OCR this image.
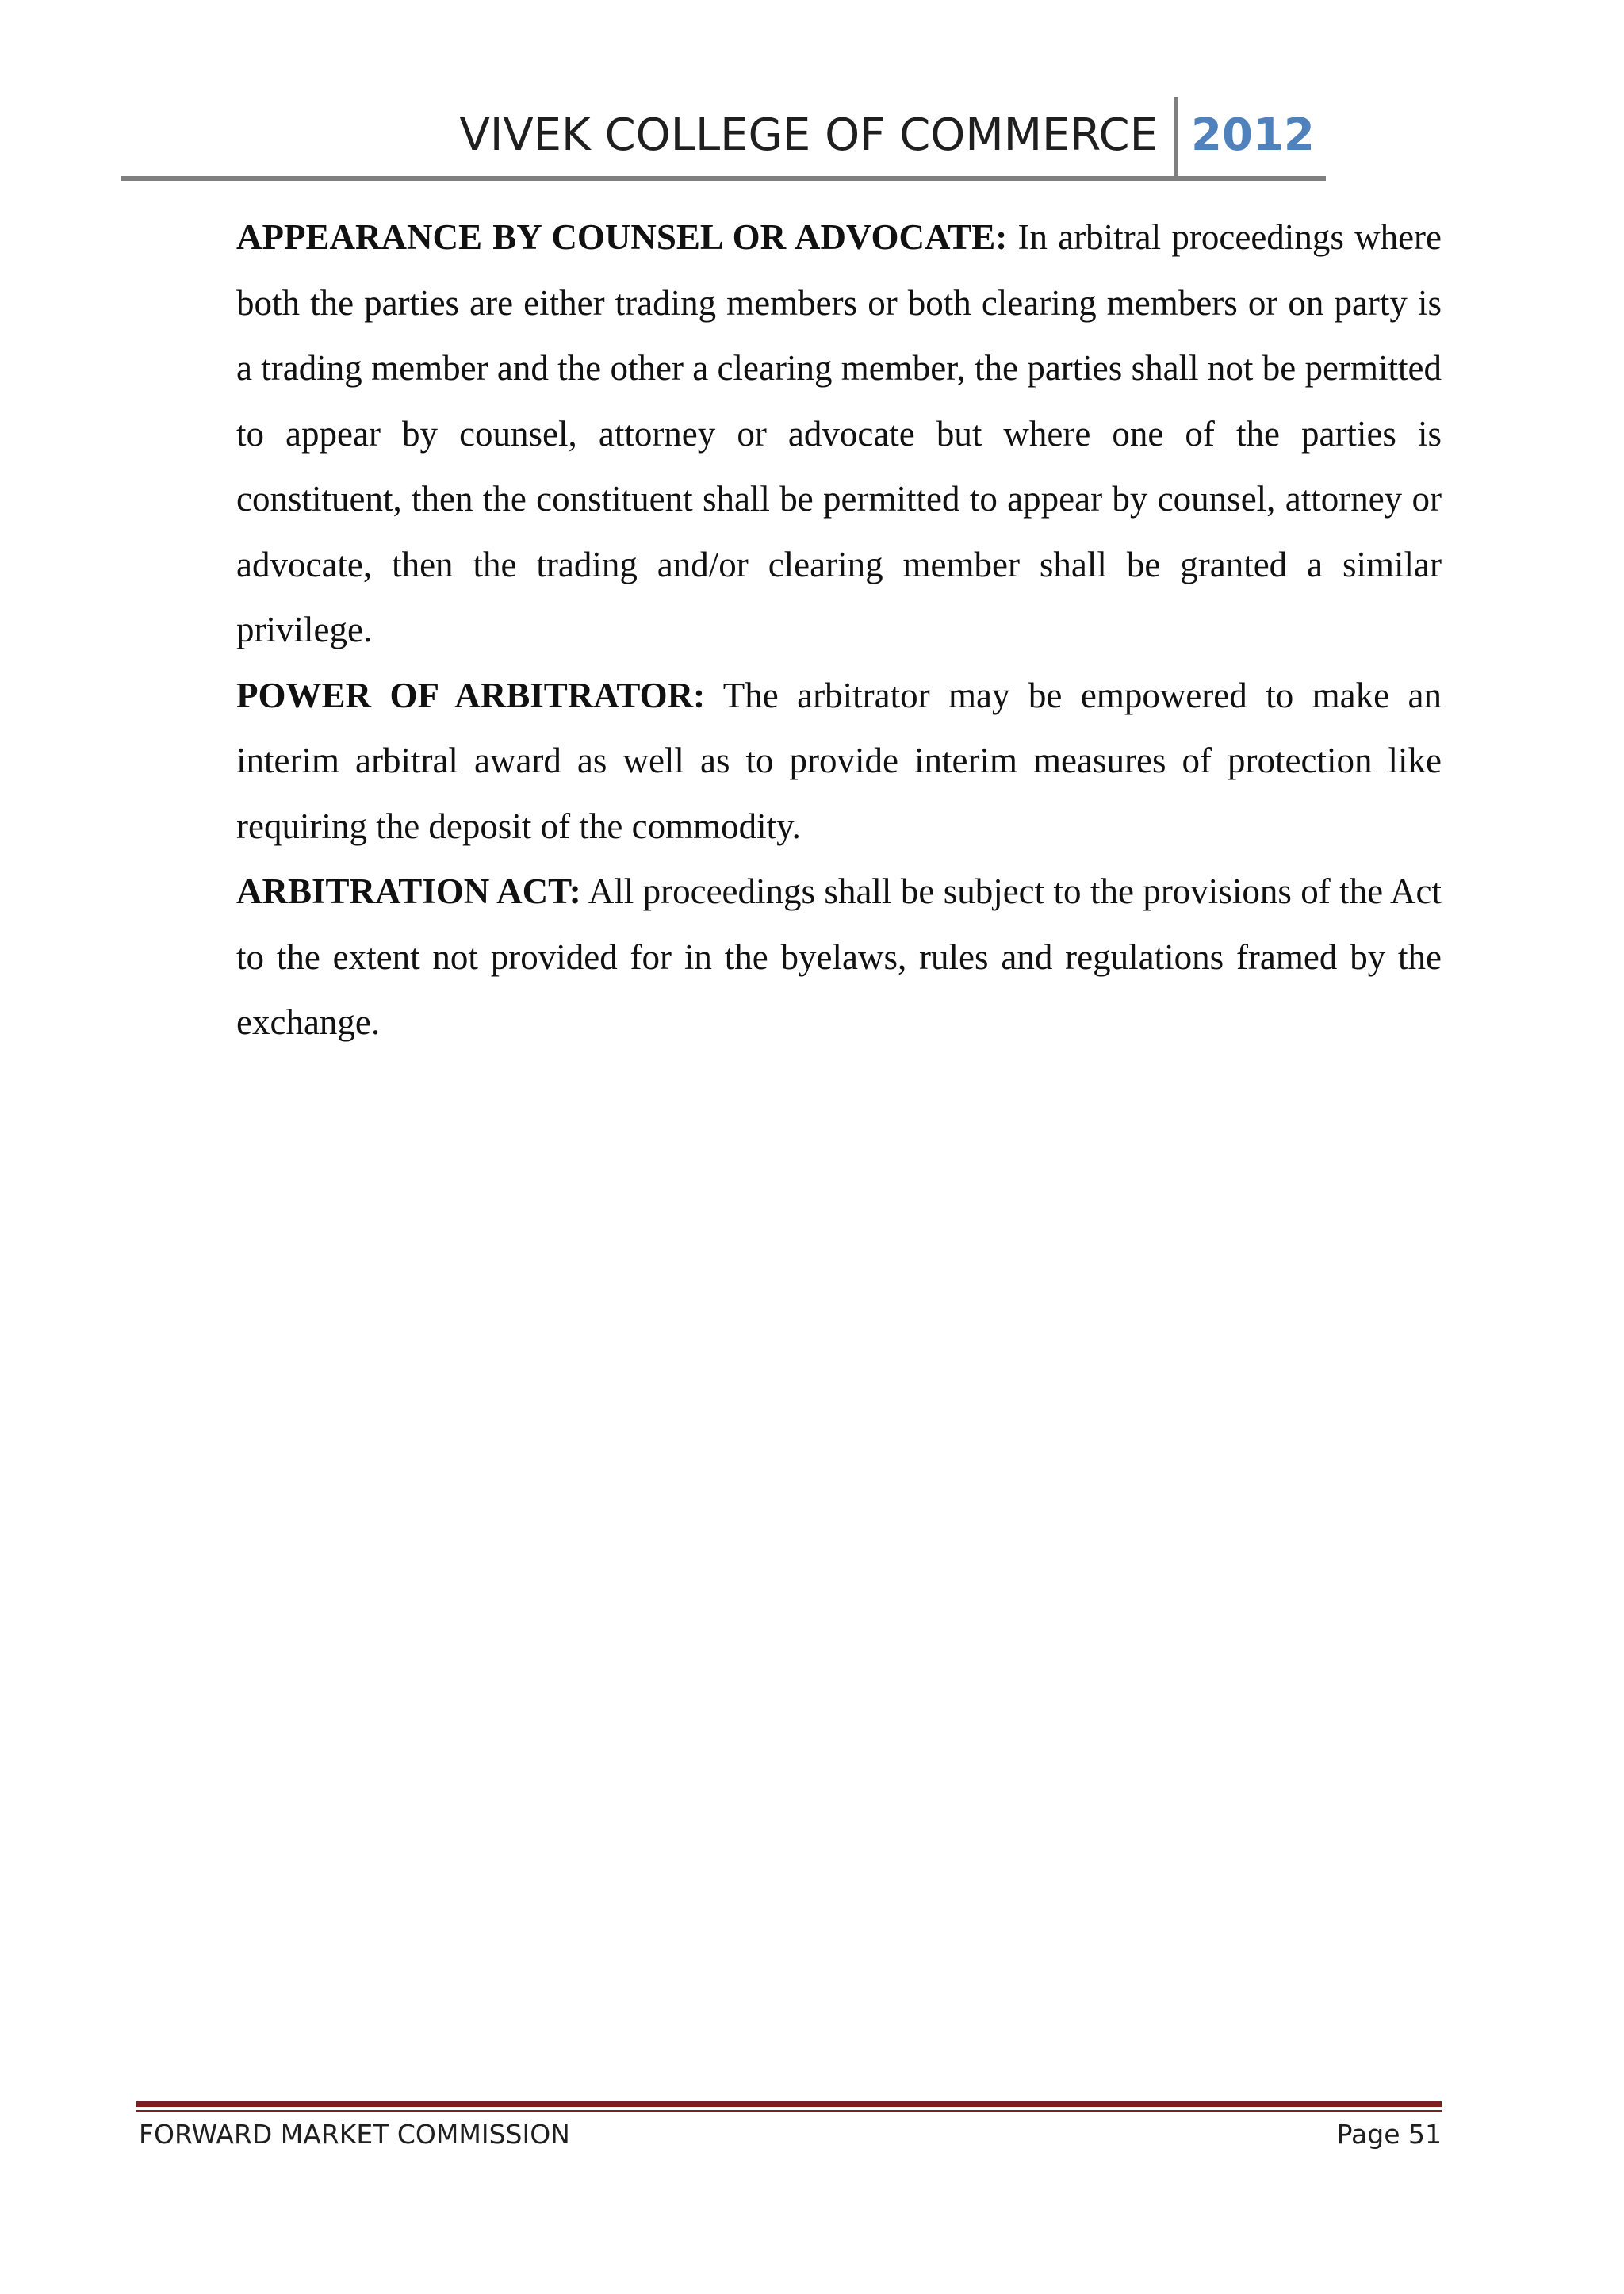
VIVEK COLLEGE OF COMMERCE 2012

APPEARANCE BY COUNSEL OR ADVOCATE: In arbitral proceedings where both the parties are either trading members or both clearing members or on party is a trading member and the other a clearing member, the parties shall not be permitted to appear by counsel, attorney or advocate but where one of the parties is constituent, then the constituent shall be permitted to appear by counsel, attorney or advocate, then the trading and/or clearing member shall be granted a similar privilege.

POWER OF ARBITRATOR: The arbitrator may be empowered to make an interim arbitral award as well as to provide interim measures of protection like requiring the deposit of the commodity.

ARBITRATION ACT: All proceedings shall be subject to the provisions of the Act to the extent not provided for in the byelaws, rules and regulations framed by the exchange.

FORWARD MARKET COMMISSION	Page 51
